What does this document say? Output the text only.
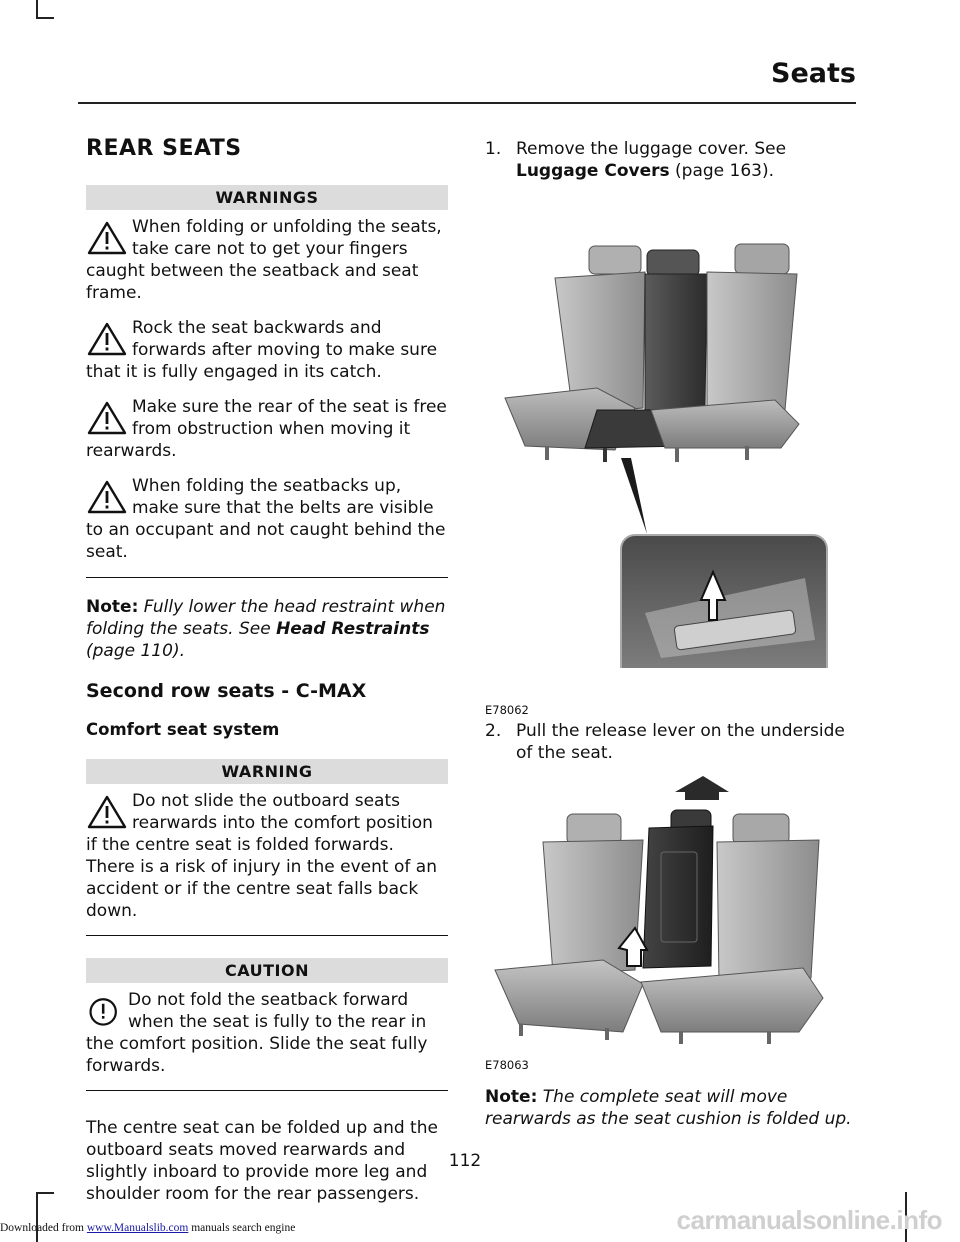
Seats
REAR SEATS
WARNINGS
When folding or unfolding the seats, take care not to get your fingers caught between the seatback and seat frame.
Rock the seat backwards and forwards after moving to make sure that it is fully engaged in its catch.
Make sure the rear of the seat is free from obstruction when moving it rearwards.
When folding the seatbacks up, make sure that the belts are visible to an occupant and not caught behind the seat.
Note: Fully lower the head restraint when folding the seats. See Head Restraints (page 110).
Second row seats - C-MAX
Comfort seat system
WARNING
Do not slide the outboard seats rearwards into the comfort position if the centre seat is folded forwards. There is a risk of injury in the event of an accident or if the centre seat falls back down.
CAUTION
Do not fold the seatback forward when the seat is fully to the rear in the comfort position. Slide the seat fully forwards.
The centre seat can be folded up and the outboard seats moved rearwards and slightly inboard to provide more leg and shoulder room for the rear passengers.
1. Remove the luggage cover. See Luggage Covers (page 163).
E78062
2. Pull the release lever on the underside of the seat.
E78063
Note: The complete seat will move rearwards as the seat cushion is folded up.
112
Downloaded from www.Manualslib.com manuals search engine	carmanualsonline.info
